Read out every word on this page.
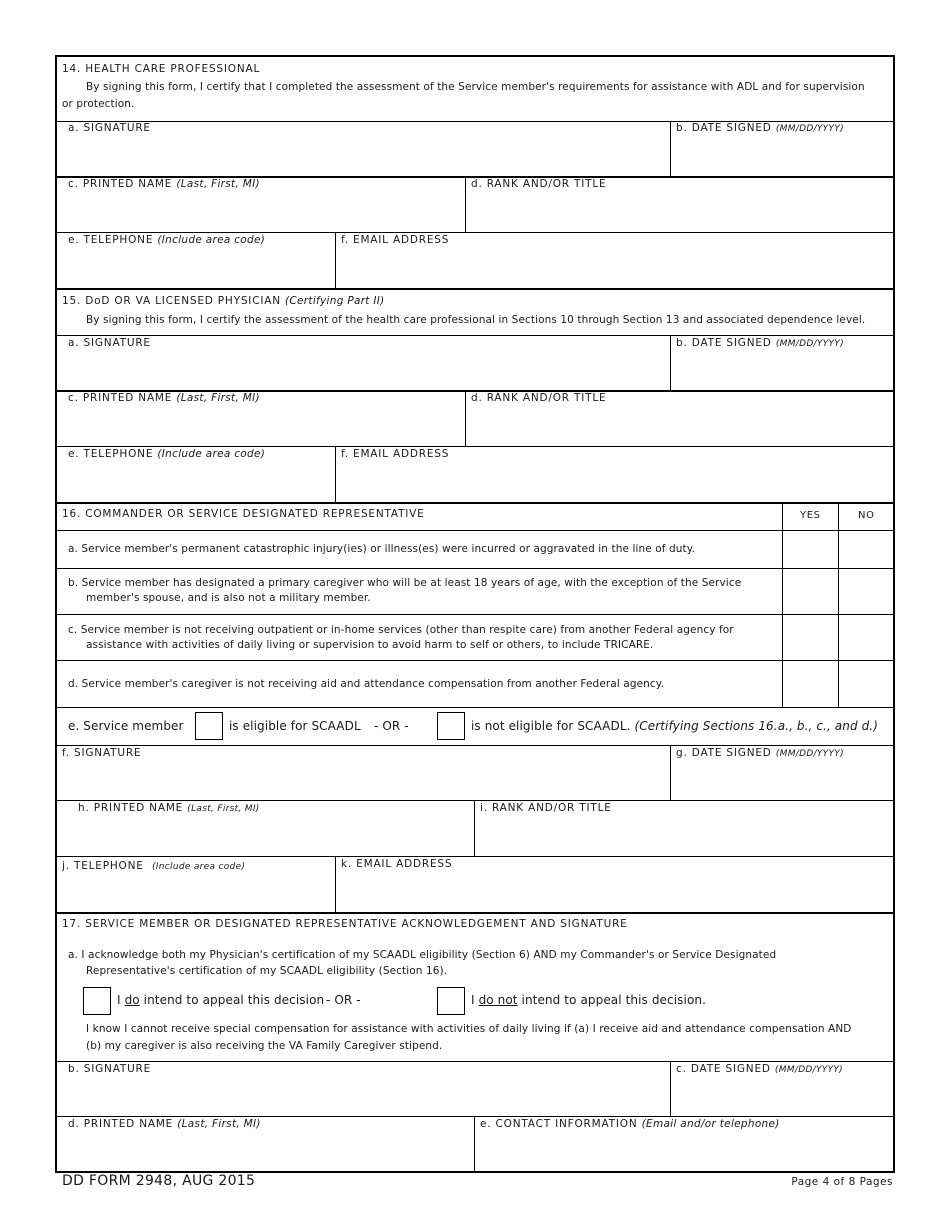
14. HEALTH CARE PROFESSIONAL
By signing this form, I certify that I completed the assessment of the Service member's requirements for assistance with ADL and for supervision
or protection.
a. SIGNATURE	b. DATE SIGNED (MM/DD/YYYY)
c. PRINTED NAME (Last, First, MI)	d. RANK AND/OR TITLE
e. TELEPHONE (Include area code)	f. EMAIL ADDRESS
15. DoD OR VA LICENSED PHYSICIAN (Certifying Part II)
By signing this form, I certify the assessment of the health care professional in Sections 10 through Section 13 and associated dependence level.
a. SIGNATURE	b. DATE SIGNED (MM/DD/YYYY)
c. PRINTED NAME (Last, First, MI)	d. RANK AND/OR TITLE
e. TELEPHONE (Include area code)	f. EMAIL ADDRESS
16. COMMANDER OR SERVICE DESIGNATED REPRESENTATIVE	YES	NO
a. Service member's permanent catastrophic injury(ies) or illness(es) were incurred or aggravated in the line of duty.
b. Service member has designated a primary caregiver who will be at least 18 years of age, with the exception of the Service
member's spouse, and is also not a military member.
c. Service member is not receiving outpatient or in-home services (other than respite care) from another Federal agency for
assistance with activities of daily living or supervision to avoid harm to self or others, to include TRICARE.
d. Service member's caregiver is not receiving aid and attendance compensation from another Federal agency.
e. Service member	is eligible for SCAADL - OR -	is not eligible for SCAADL. (Certifying Sections 16.a., b., c., and d.)
f. SIGNATURE	g. DATE SIGNED (MM/DD/YYYY)
h. PRINTED NAME (Last, First, MI)	i. RANK AND/OR TITLE
j. TELEPHONE (Include area code)	k. EMAIL ADDRESS
17. SERVICE MEMBER OR DESIGNATED REPRESENTATIVE ACKNOWLEDGEMENT AND SIGNATURE
a. I acknowledge both my Physician's certification of my SCAADL eligibility (Section 6) AND my Commander's or Service Designated
Representative's certification of my SCAADL eligibility (Section 16).
I do intend to appeal this decision - OR -	I do not intend to appeal this decision.
I know I cannot receive special compensation for assistance with activities of daily living if (a) I receive aid and attendance compensation AND
(b) my caregiver is also receiving the VA Family Caregiver stipend.
b. SIGNATURE	c. DATE SIGNED (MM/DD/YYYY)
d. PRINTED NAME (Last, First, MI)	e. CONTACT INFORMATION (Email and/or telephone)
DD FORM 2948, AUG 2015	Page 4 of 8 Pages
